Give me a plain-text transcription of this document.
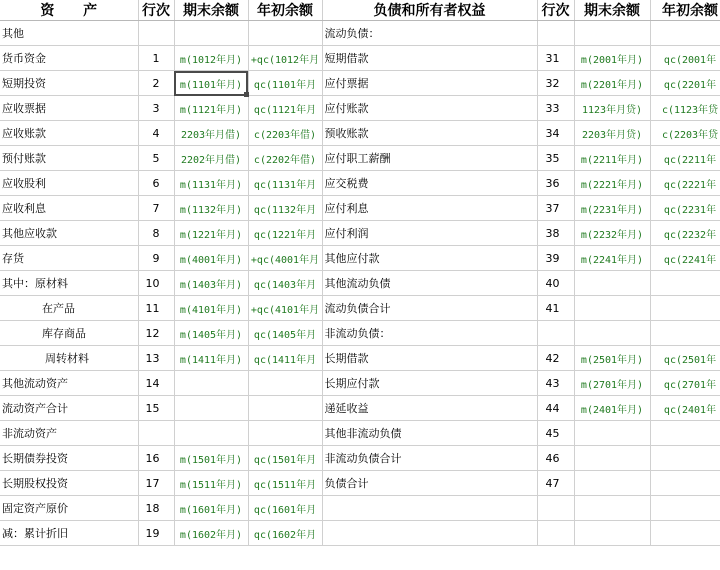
资 产	行次	期末余额	年初余额	负债和所有者权益	行次	期末余额	年初余额
其他				流动负债：			
货币资金	1	m(1012年月)	+qc(1012年月	短期借款	31	m(2001年月)	qc(2001年
短期投资	2	m(1101年月)	qc(1101年月	应付票据	32	m(2201年月)	qc(2201年
应收票据	3	m(1121年月)	qc(1121年月	应付账款	33	1123年月贷)	c(1123年贷
应收账款	4	2203年月借)	c(2203年借)	预收账款	34	2203年月贷)	c(2203年贷
预付账款	5	2202年月借)	c(2202年借)	应付职工薪酬	35	m(2211年月)	qc(2211年
应收股利	6	m(1131年月)	qc(1131年月	应交税费	36	m(2221年月)	qc(2221年
应收利息	7	m(1132年月)	qc(1132年月	应付利息	37	m(2231年月)	qc(2231年
其他应收款	8	m(1221年月)	qc(1221年月	应付利润	38	m(2232年月)	qc(2232年
存货	9	m(4001年月)	+qc(4001年月	其他应付款	39	m(2241年月)	qc(2241年
其中：原材料	10	m(1403年月)	qc(1403年月	其他流动负债	40		
在产品	11	m(4101年月)	+qc(4101年月	流动负债合计	41		
库存商品	12	m(1405年月)	qc(1405年月	非流动负债：			
周转材料	13	m(1411年月)	qc(1411年月	长期借款	42	m(2501年月)	qc(2501年
其他流动资产	14			长期应付款	43	m(2701年月)	qc(2701年
流动资产合计	15			递延收益	44	m(2401年月)	qc(2401年
非流动资产				其他非流动负债	45		
长期债券投资	16	m(1501年月)	qc(1501年月	非流动负债合计	46		
长期股权投资	17	m(1511年月)	qc(1511年月	负债合计	47		
固定资产原价	18	m(1601年月)	qc(1601年月				
减：累计折旧	19	m(1602年月)	qc(1602年月				
